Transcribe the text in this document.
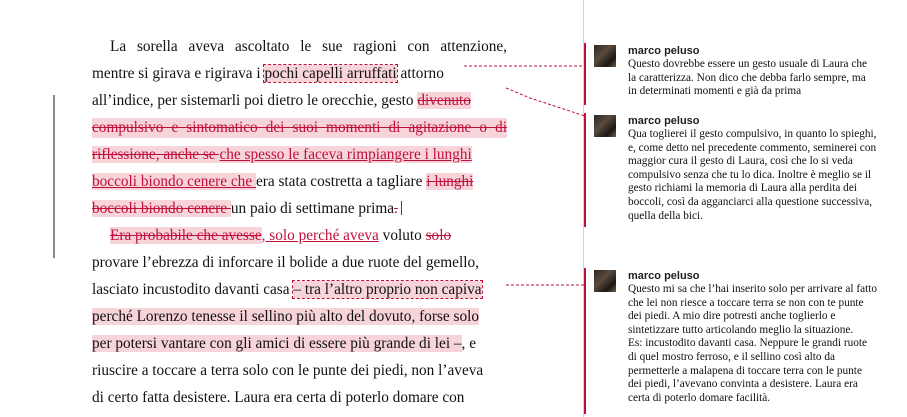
La sorella aveva ascoltato le sue ragioni con attenzione,
mentre si girava e rigirava i pochi capelli arruffati attorno
all’indice, per sistemarli poi dietro le orecchie, gesto divenuto
compulsivo e sintomatico dei suoi momenti di agitazione o di
riflessione, anche se che spesso le faceva rimpiangere i lunghi
boccoli biondo cenere che era stata costretta a tagliare i lunghi
boccoli biondo cenere un paio di settimane prima.
Era probabile che avesse, solo perché aveva voluto solo
provare l’ebrezza di inforcare il bolide a due ruote del gemello,
lasciato incustodito davanti casa – tra l’altro proprio non capiva
perché Lorenzo tenesse il sellino più alto del dovuto, forse solo
per potersi vantare con gli amici di essere più grande di lei –, e
riuscire a toccare a terra solo con le punte dei piedi, non l’aveva
di certo fatta desistere. Laura era certa di poterlo domare con
marco peluso
Questo dovrebbe essere un gesto usuale di Laura che
la caratterizza. Non dico che debba farlo sempre, ma
in determinati momenti e già da prima
marco peluso
Qua toglierei il gesto compulsivo, in quanto lo spieghi,
e, come detto nel precedente commento, seminerei con
maggior cura il gesto di Laura, così che lo si veda
compulsivo senza che tu lo dica. Inoltre è meglio se il
gesto richiami la memoria di Laura alla perdita dei
boccoli, così da agganciarci alla questione successiva,
quella della bici.
marco peluso
Questo mi sa che l’hai inserito solo per arrivare al fatto
che lei non riesce a toccare terra se non con te punte
dei piedi. A mio dire potresti anche toglierlo e
sintetizzare tutto articolando meglio la situazione.
Es: incustodito davanti casa. Neppure le grandi ruote
di quel mostro ferroso, e il sellino così alto da
permetterle a malapena di toccare terra con le punte
dei piedi, l’avevano convinta a desistere. Laura era
certa di poterlo domare facilità.
